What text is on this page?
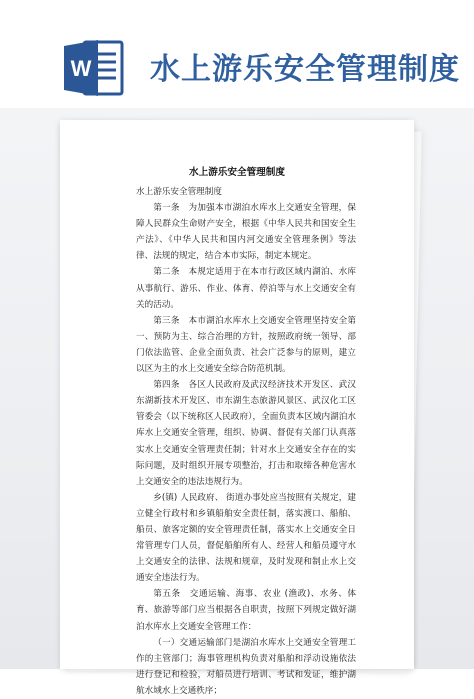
W 水上游乐安全管理制度
水上游乐安全管理制度

水上游乐安全管理制度

第一条　为加强本市湖泊水库水上交通安全管理，保障人民群众生命财产安全，根据《中华人民共和国安全生产法》、《中华人民共和国内河交通安全管理条例》等法律、法规的规定，结合本市实际，制定本规定。

第二条　本规定适用于在本市行政区域内湖泊、水库从事航行、游乐、作业、体育、停泊等与水上交通安全有关的活动。

第三条　本市湖泊水库水上交通安全管理坚持安全第一、预防为主、综合治理的方针，按照政府统一领导、部门依法监管、企业全面负责、社会广泛参与的原则，建立以区为主的水上交通安全综合防范机制。

第四条　各区人民政府及武汉经济技术开发区、武汉东湖新技术开发区、市东湖生态旅游风景区、武汉化工区管委会（以下统称区人民政府），全面负责本区域内湖泊水库水上交通安全管理，组织、协调、督促有关部门认真落实水上交通安全管理责任制；针对水上交通安全存在的实际问题，及时组织开展专项整治，打击和取缔各种危害水上交通安全的违法违规行为。

乡(镇) 人民政府、 街道办事处应当按照有关规定，建立健全行政村和乡镇船舶安全责任制，落实渡口、船舶、船员、旅客定额的安全管理责任制，落实水上交通安全日常管理专门人员，督促船舶所有人、经营人和船员遵守水上交通安全的法律、法规和规章，及时发现和制止水上交通安全违法行为。

第五条　交通运输、海事、农业 (渔政)、水务、体育、旅游等部门应当根据各自职责，按照下列规定做好湖泊水库水上交通安全管理工作：

（一）交通运输部门是湖泊水库水上交通安全管理工作的主管部门；海事管理机构负责对船舶和浮动设施依法进行登记和检验，对船员进行培训、考试和发证，维护湖航水域水上交通秩序；
